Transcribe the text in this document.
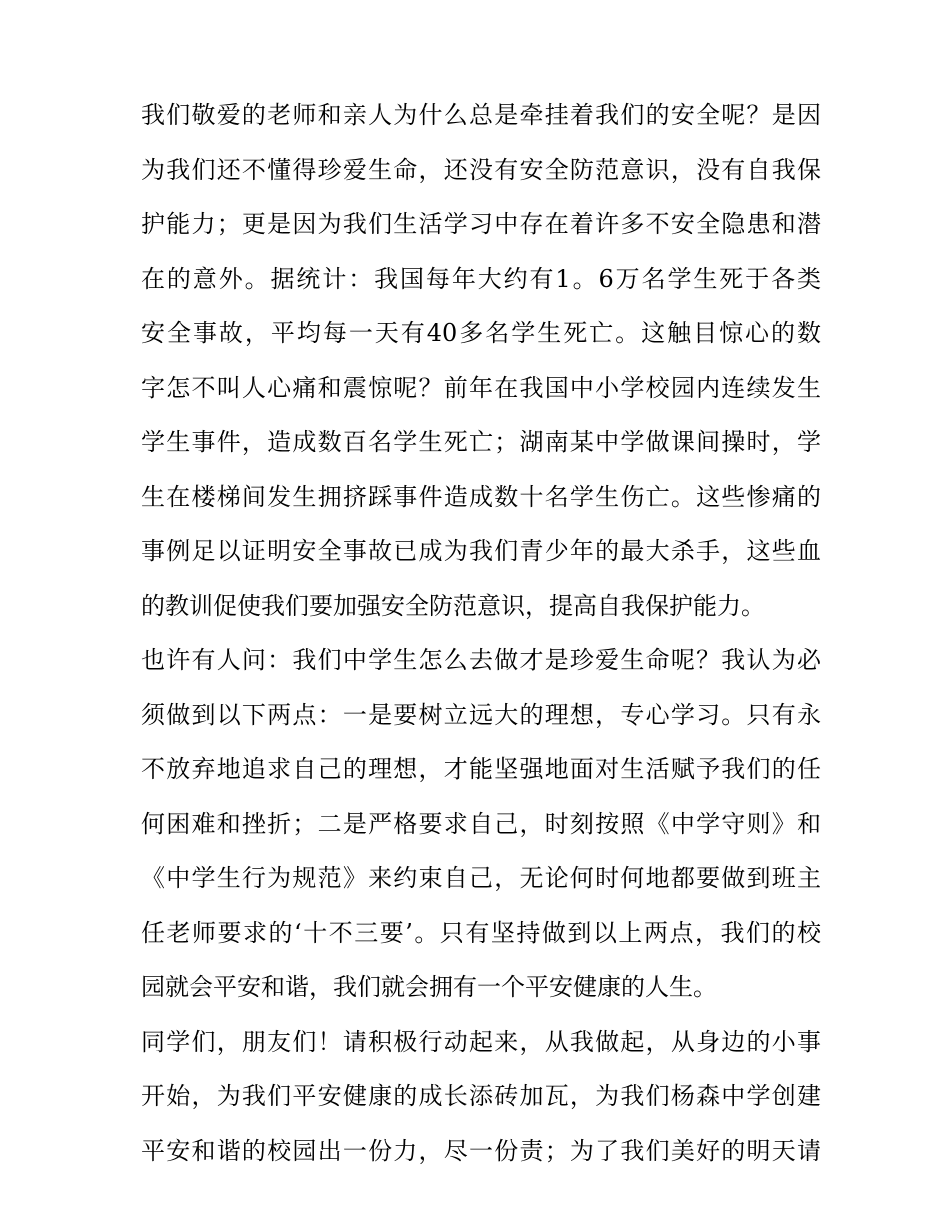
我们敬爱的老师和亲人为什么总是牵挂着我们的安全呢？是因
为我们还不懂得珍爱生命，还没有安全防范意识，没有自我保
护能力；更是因为我们生活学习中存在着许多不安全隐患和潜
在的意外。据统计：我国每年大约有1。6万名学生死于各类
安全事故，平均每一天有40多名学生死亡。这触目惊心的数
字怎不叫人心痛和震惊呢？前年在我国中小学校园内连续发生
学生事件，造成数百名学生死亡；湖南某中学做课间操时，学
生在楼梯间发生拥挤踩事件造成数十名学生伤亡。这些惨痛的
事例足以证明安全事故已成为我们青少年的最大杀手，这些血
的教训促使我们要加强安全防范意识，提高自我保护能力。
也许有人问：我们中学生怎么去做才是珍爱生命呢？我认为必
须做到以下两点：一是要树立远大的理想，专心学习。只有永
不放弃地追求自己的理想，才能坚强地面对生活赋予我们的任
何困难和挫折；二是严格要求自己，时刻按照《中学守则》和
《中学生行为规范》来约束自己，无论何时何地都要做到班主
任老师要求的‘十不三要’。只有坚持做到以上两点，我们的校
园就会平安和谐，我们就会拥有一个平安健康的人生。
同学们，朋友们！请积极行动起来，从我做起，从身边的小事
开始，为我们平安健康的成长添砖加瓦，为我们杨森中学创建
平安和谐的校园出一份力，尽一份责；为了我们美好的明天请
